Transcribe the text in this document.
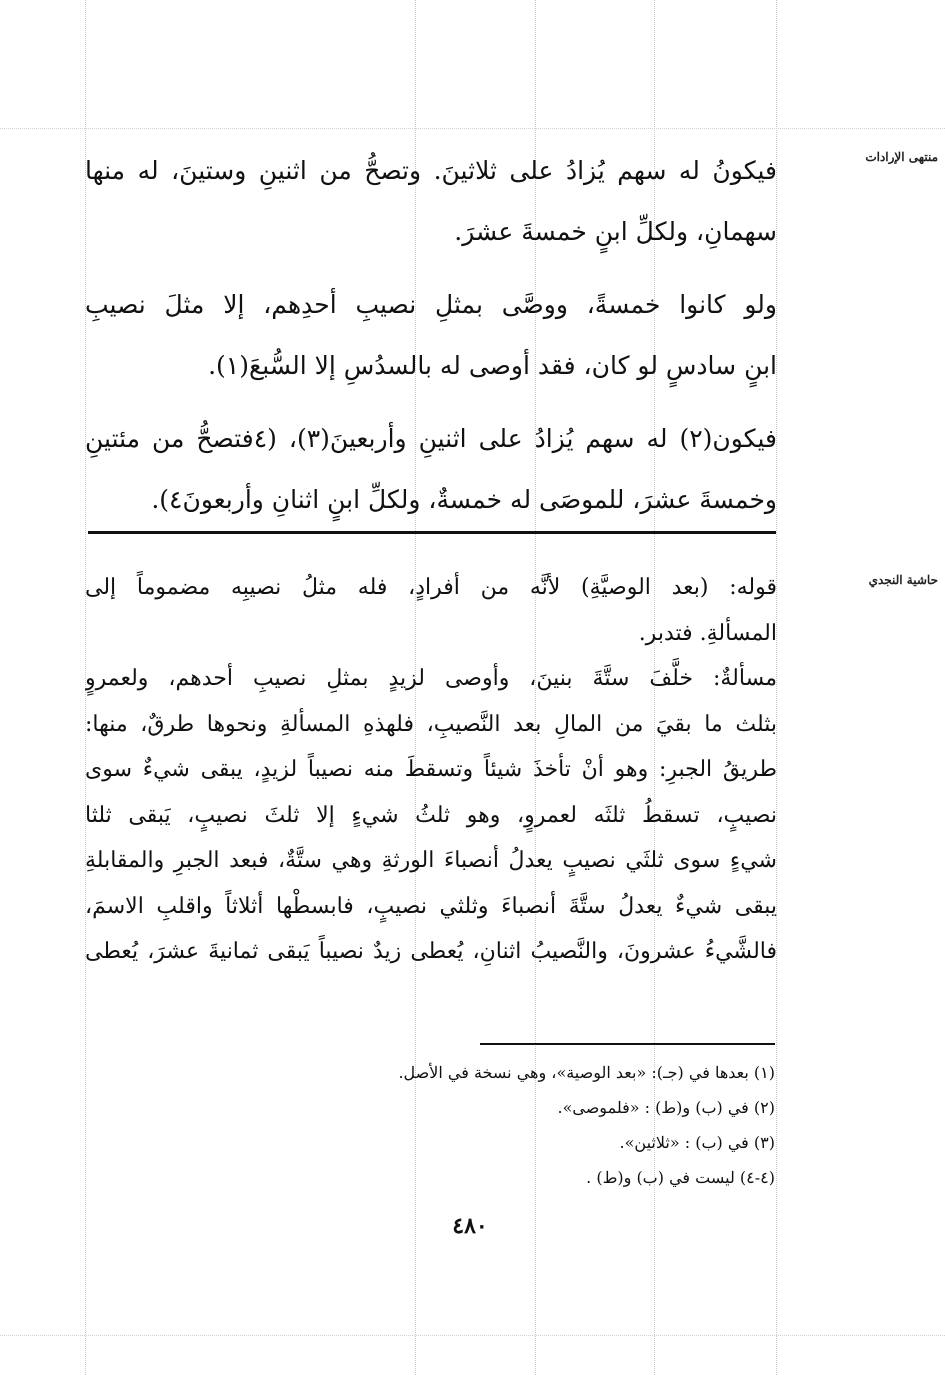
منتهى الإرادات
حاشية النجدي
فيكونُ له سهم يُزادُ على ثلاثينَ. وتصحُّ من اثنينِ وستينَ، له منها
سهمانِ، ولكلِّ ابنٍ خمسةَ عشرَ.
ولو كانوا خمسةً، ووصَّى بمثلِ نصيبِ أحدِهم، إلا مثلَ نصيبِ
ابنٍ سادسٍ لو كان، فقد أوصى له بالسدُسِ إلا السُّبعَ(١).
فيكون(٢) له سهم يُزادُ على اثنينِ وأربعينَ(٣)، (٤فتصحُّ من مئتينِ
وخمسةَ عشرَ، للموصَى له خمسةٌ، ولكلِّ ابنٍ اثنانِ وأربعونَ٤).
قوله: (بعد الوصيَّةِ) لأنَّه من أفرادٍ، فله مثلُ نصيبِه مضموماً إلى
المسألةِ. فتدبر.
مسألةٌ: خلَّفَ ستَّةَ بنينَ، وأوصى لزيدٍ بمثلِ نصيبِ أحدهم، ولعمروٍ
بثلث ما بقيَ من المالِ بعد النَّصيبِ، فلهذهِ المسألةِ ونحوها طرقٌ، منها:
طريقُ الجبرِ: وهو أنْ تأخذَ شيئاً وتسقطَ منه نصيباً لزيدٍ، يبقى شيءٌ سوى
نصيبٍ، تسقطُ ثلثَه لعمروٍ، وهو ثلثُ شيءٍ إلا ثلثَ نصيبٍ، يَبقى ثلثا
شيءٍ سوى ثلثَي نصيبٍ يعدلُ أنصباءَ الورثةِ وهي ستَّةٌ، فبعد الجبرِ والمقابلةِ
يبقى شيءٌ يعدلُ ستَّةَ أنصباءَ وثلثي نصيبٍ، فابسطْها أثلاثاً واقلبِ الاسمَ،
فالشَّيءُ عشرونَ، والنَّصيبُ اثنانِ، يُعطى زيدٌ نصيباً يَبقى ثمانيةَ عشرَ، يُعطى
(١) بعدها في (جـ): «بعد الوصية»، وهي نسخة في الأصل.
(٢) في (ب) و(ط) : «فلموصى».
(٣) في (ب) : «ثلاثين».
(٤-٤) ليست في (ب) و(ط) .
٤٨٠
